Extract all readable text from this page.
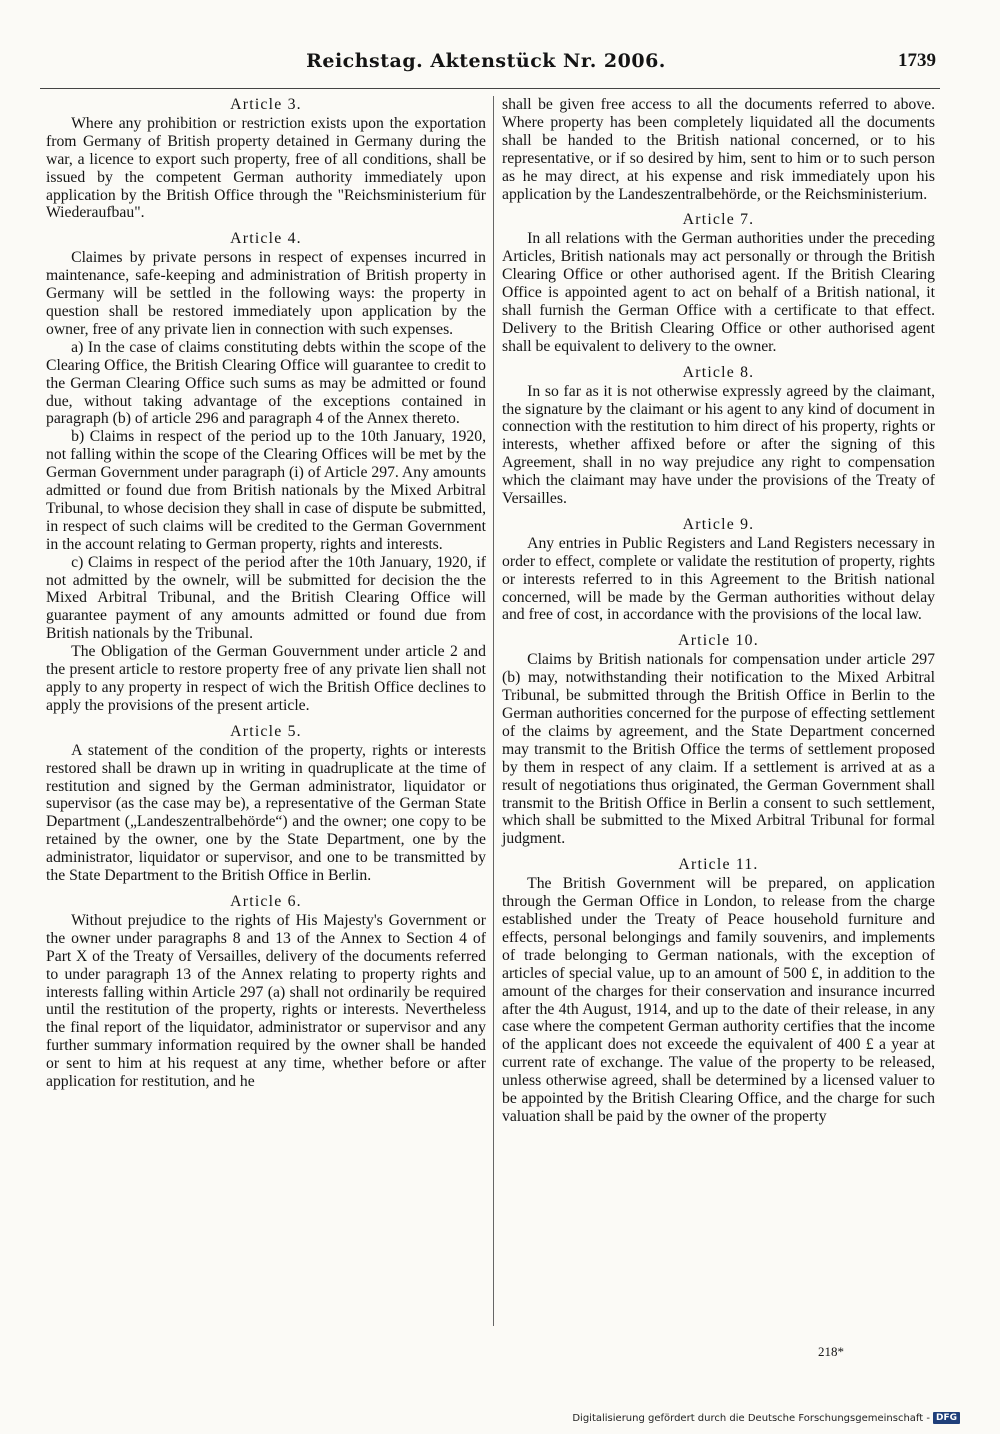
Reichstag. Aktenstück Nr. 2006.	1739
Article 3.

Where any prohibition or restriction exists upon the exportation from Germany of British property detained in Germany during the war, a licence to export such property, free of all conditions, shall be issued by the competent German authority immediately upon application by the British Office through the "Reichsministerium für Wiederaufbau".

Article 4.

Claimes by private persons in respect of expenses incurred in maintenance, safe-keeping and administration of British property in Germany will be settled in the following ways: the property in question shall be restored immediately upon application by the owner, free of any private lien in connection with such expenses.

a) In the case of claims constituting debts within the scope of the Clearing Office, the British Clearing Office will guarantee to credit to the German Clearing Office such sums as may be admitted or found due, without taking advantage of the exceptions contained in paragraph (b) of article 296 and paragraph 4 of the Annex thereto.

b) Claims in respect of the period up to the 10th January, 1920, not falling within the scope of the Clearing Offices will be met by the German Government under paragraph (i) of Article 297. Any amounts admitted or found due from British nationals by the Mixed Arbitral Tribunal, to whose decision they shall in case of dispute be submitted, in respect of such claims will be credited to the German Government in the account relating to German property, rights and interests.

c) Claims in respect of the period after the 10th January, 1920, if not admitted by the ownelr, will be submitted for decision the the Mixed Arbitral Tribunal, and the British Clearing Office will guarantee payment of any amounts admitted or found due from British nationals by the Tribunal.

The Obligation of the German Gouvernment under article 2 and the present article to restore property free of any private lien shall not apply to any property in respect of wich the British Office declines to apply the provisions of the present article.

Article 5.

A statement of the condition of the property, rights or interests restored shall be drawn up in writing in quadruplicate at the time of restitution and signed by the German administrator, liquidator or supervisor (as the case may be), a representative of the German State Department („Landeszentralbehörde“) and the owner; one copy to be retained by the owner, one by the State Department, one by the administrator, liquidator or supervisor, and one to be transmitted by the State Department to the British Office in Berlin.

Article 6.

Without prejudice to the rights of His Majesty's Government or the owner under paragraphs 8 and 13 of the Annex to Section 4 of Part X of the Treaty of Versailles, delivery of the documents referred to under paragraph 13 of the Annex relating to property rights and interests falling within Article 297 (a) shall not ordinarily be required until the restitution of the property, rights or interests. Nevertheless the final report of the liquidator, administrator or supervisor and any further summary information required by the owner shall be handed or sent to him at his request at any time, whether before or after application for restitution, and he

shall be given free access to all the documents referred to above. Where property has been completely liquidated all the documents shall be handed to the British national concerned, or to his representative, or if so desired by him, sent to him or to such person as he may direct, at his expense and risk immediately upon his application by the Landeszentralbehörde, or the Reichsministerium.

Article 7.

In all relations with the German authorities under the preceding Articles, British nationals may act personally or through the British Clearing Office or other authorised agent. If the British Clearing Office is appointed agent to act on behalf of a British national, it shall furnish the German Office with a certificate to that effect. Delivery to the British Clearing Office or other authorised agent shall be equivalent to delivery to the owner.

Article 8.

In so far as it is not otherwise expressly agreed by the claimant, the signature by the claimant or his agent to any kind of document in connection with the restitution to him direct of his property, rights or interests, whether affixed before or after the signing of this Agreement, shall in no way prejudice any right to compensation which the claimant may have under the provisions of the Treaty of Versailles.

Article 9.

Any entries in Public Registers and Land Registers necessary in order to effect, complete or validate the restitution of property, rights or interests referred to in this Agreement to the British national concerned, will be made by the German authorities without delay and free of cost, in accordance with the provisions of the local law.

Article 10.

Claims by British nationals for compensation under article 297 (b) may, notwithstanding their notification to the Mixed Arbitral Tribunal, be submitted through the British Office in Berlin to the German authorities concerned for the purpose of effecting settlement of the claims by agreement, and the State Department concerned may transmit to the British Office the terms of settlement proposed by them in respect of any claim. If a settlement is arrived at as a result of negotiations thus originated, the German Government shall transmit to the British Office in Berlin a consent to such settlement, which shall be submitted to the Mixed Arbitral Tribunal for formal judgment.

Article 11.

The British Government will be prepared, on application through the German Office in London, to release from the charge established under the Treaty of Peace household furniture and effects, personal belongings and family souvenirs, and implements of trade belonging to German nationals, with the exception of articles of special value, up to an amount of 500 £, in addition to the amount of the charges for their conservation and insurance incurred after the 4th August, 1914, and up to the date of their release, in any case where the competent German authority certifies that the income of the applicant does not exceede the equivalent of 400 £ a year at current rate of exchange. The value of the property to be released, unless otherwise agreed, shall be determined by a licensed valuer to be appointed by the British Clearing Office, and the charge for such valuation shall be paid by the owner of the property

218*
Digitalisierung gefördert durch die Deutsche Forschungsgemeinschaft - DFG
